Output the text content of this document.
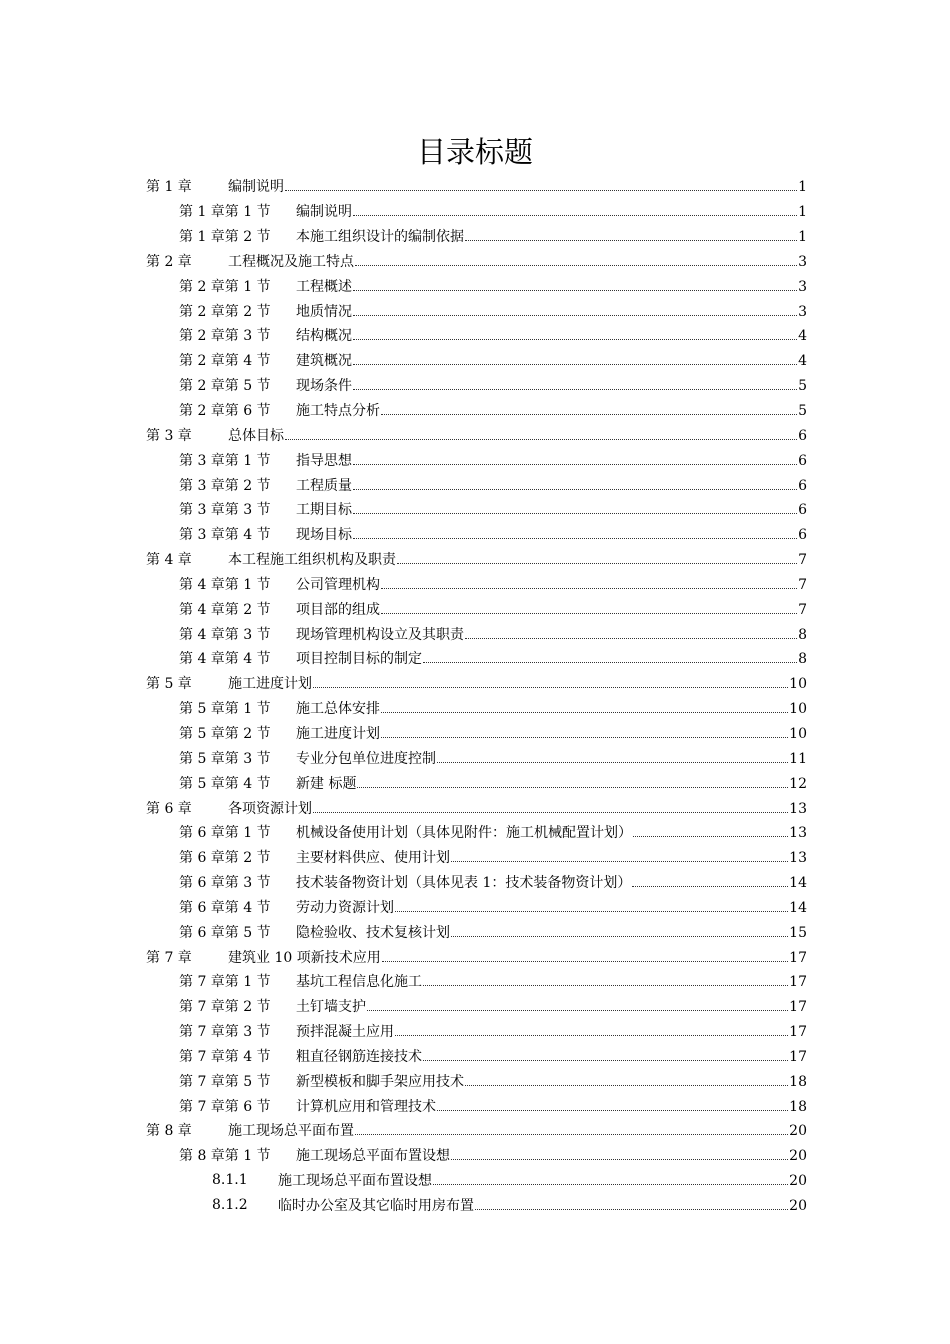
目录标题
第 1 章	编制说明	1
第 1 章第 1 节 编制说明	1
第 1 章第 2 节 本施工组织设计的编制依据	1
第 2 章	工程概况及施工特点	3
第 2 章第 1 节 工程概述	3
第 2 章第 2 节 地质情况	3
第 2 章第 3 节 结构概况	4
第 2 章第 4 节 建筑概况	4
第 2 章第 5 节 现场条件	5
第 2 章第 6 节 施工特点分析	5
第 3 章	总体目标	6
第 3 章第 1 节 指导思想	6
第 3 章第 2 节 工程质量	6
第 3 章第 3 节 工期目标	6
第 3 章第 4 节 现场目标	6
第 4 章	本工程施工组织机构及职责	7
第 4 章第 1 节 公司管理机构	7
第 4 章第 2 节 项目部的组成	7
第 4 章第 3 节 现场管理机构设立及其职责	8
第 4 章第 4 节 项目控制目标的制定	8
第 5 章	施工进度计划	10
第 5 章第 1 节 施工总体安排	10
第 5 章第 2 节 施工进度计划	10
第 5 章第 3 节 专业分包单位进度控制	11
第 5 章第 4 节 新建 标题	12
第 6 章	各项资源计划	13
第 6 章第 1 节 机械设备使用计划（具体见附件：施工机械配置计划）	13
第 6 章第 2 节 主要材料供应、使用计划	13
第 6 章第 3 节 技术装备物资计划（具体见表 1：技术装备物资计划）	14
第 6 章第 4 节 劳动力资源计划	14
第 6 章第 5 节 隐检验收、技术复核计划	15
第 7 章	建筑业 10 项新技术应用	17
第 7 章第 1 节 基坑工程信息化施工	17
第 7 章第 2 节 土钉墙支护	17
第 7 章第 3 节 预拌混凝土应用	17
第 7 章第 4 节 粗直径钢筋连接技术	17
第 7 章第 5 节 新型模板和脚手架应用技术	18
第 7 章第 6 节 计算机应用和管理技术	18
第 8 章	施工现场总平面布置	20
第 8 章第 1 节 施工现场总平面布置设想	20
8.1.1 施工现场总平面布置设想	20
8.1.2 临时办公室及其它临时用房布置	20
